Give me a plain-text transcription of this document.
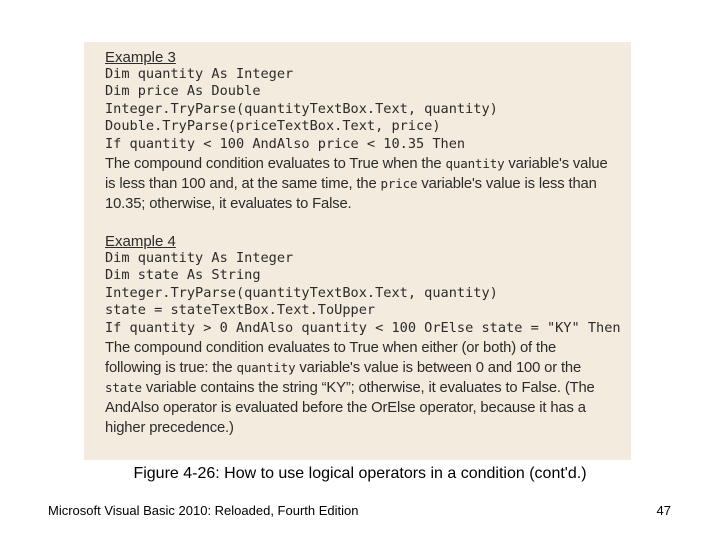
Example 3
Dim quantity As Integer
Dim price As Double
Integer.TryParse(quantityTextBox.Text, quantity)
Double.TryParse(priceTextBox.Text, price)
If quantity < 100 AndAlso price < 10.35 Then
The compound condition evaluates to True when the quantity variable's value is less than 100 and, at the same time, the price variable's value is less than 10.35; otherwise, it evaluates to False.
Example 4
Dim quantity As Integer
Dim state As String
Integer.TryParse(quantityTextBox.Text, quantity)
state = stateTextBox.Text.ToUpper
If quantity > 0 AndAlso quantity < 100 OrElse state = "KY" Then
The compound condition evaluates to True when either (or both) of the following is true: the quantity variable's value is between 0 and 100 or the state variable contains the string “KY”; otherwise, it evaluates to False. (The AndAlso operator is evaluated before the OrElse operator, because it has a higher precedence.)
Figure 4-26: How to use logical operators in a condition (cont'd.)
Microsoft Visual Basic 2010: Reloaded, Fourth Edition	47
